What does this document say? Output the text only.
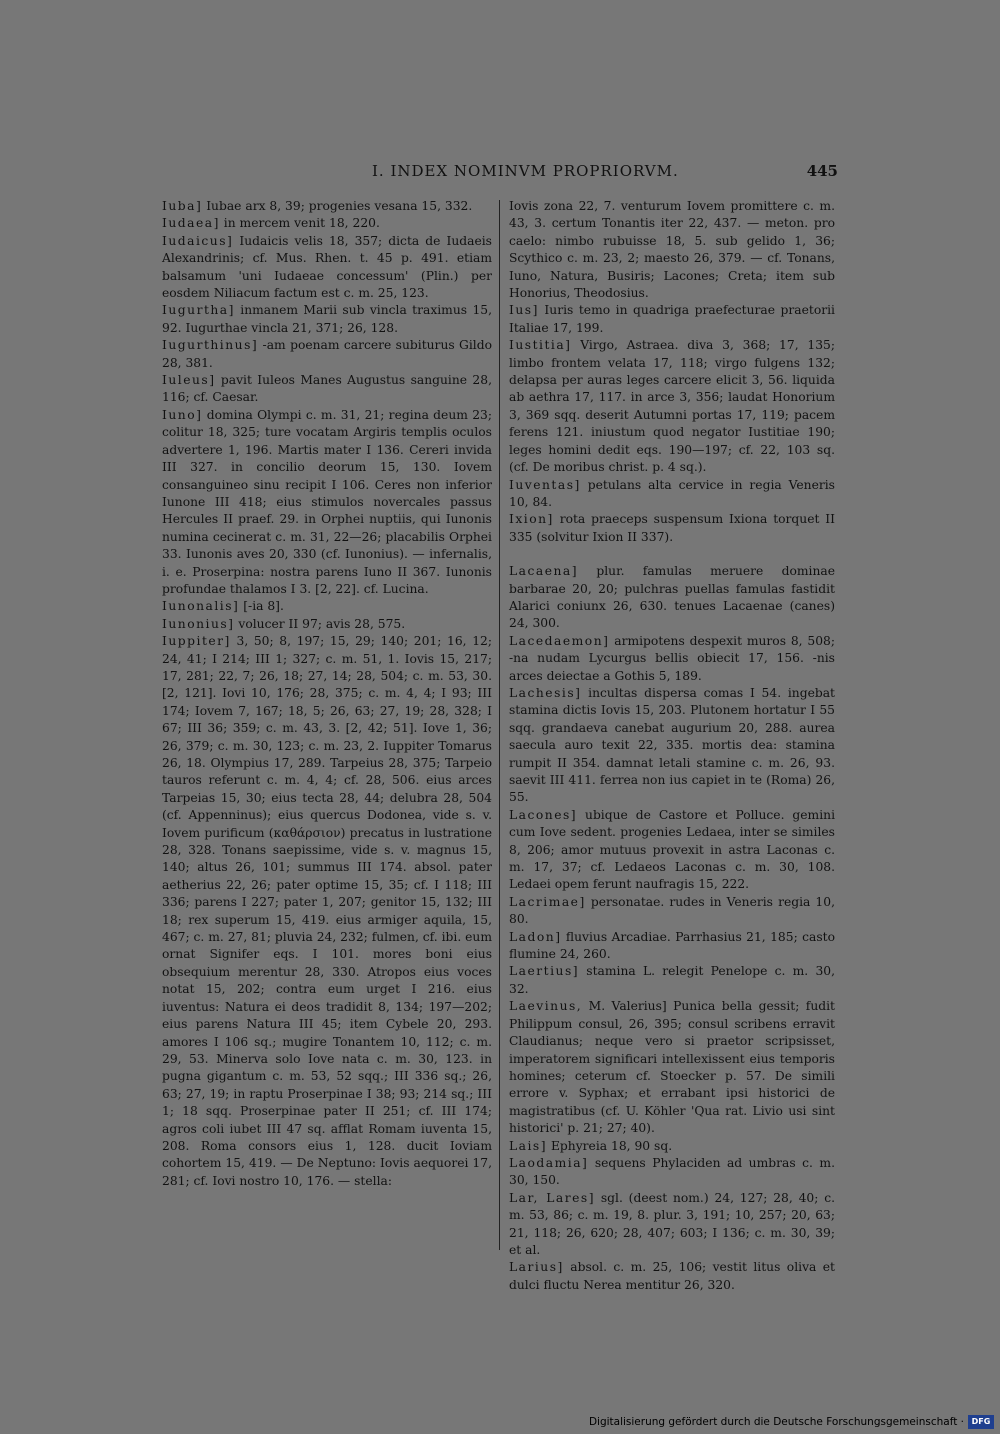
I. INDEX NOMINVM PROPRIORVM.	445

Iuba] Iubae arx 8, 39; progenies vesana 15, 332.

Iudaea] in mercem venit 18, 220.

Iudaicus] Iudaicis velis 18, 357; dicta de Iudaeis Alexandrinis; cf. Mus. Rhen. t. 45 p. 491. etiam balsamum 'uni Iudaeae concessum' (Plin.) per eosdem Niliacum factum est c. m. 25, 123.

Iugurtha] inmanem Marii sub vincla traximus 15, 92. Iugurthae vincla 21, 371; 26, 128.

Iugurthinus] -am poenam carcere subiturus Gildo 28, 381.

Iuleus] pavit Iuleos Manes Augustus sanguine 28, 116; cf. Caesar.

Iuno] domina Olympi c. m. 31, 21; regina deum 23; colitur 18, 325; ture vocatam Argiris templis oculos advertere 1, 196. Martis mater I 136. Cereri invida III 327. in concilio deorum 15, 130. Iovem consanguineo sinu recipit I 106. Ceres non inferior Iunone III 418; eius stimulos novercales passus Hercules II praef. 29. in Orphei nuptiis, qui Iunonis numina cecinerat c. m. 31, 22—26; placabilis Orphei 33. Iunonis aves 20, 330 (cf. Iunonius). — infernalis, i. e. Proserpina: nostra parens Iuno II 367. Iunonis profundae thalamos I 3. [2, 22]. cf. Lucina.

Iunonalis] [-ia 8].

Iunonius] volucer II 97; avis 28, 575.

Iuppiter] 3, 50; 8, 197; 15, 29; 140; 201; 16, 12; 24, 41; I 214; III 1; 327; c. m. 51, 1. Iovis 15, 217; 17, 281; 22, 7; 26, 18; 27, 14; 28, 504; c. m. 53, 30. [2, 121]. Iovi 10, 176; 28, 375; c. m. 4, 4; I 93; III 174; Iovem 7, 167; 18, 5; 26, 63; 27, 19; 28, 328; I 67; III 36; 359; c. m. 43, 3. [2, 42; 51]. Iove 1, 36; 26, 379; c. m. 30, 123; c. m. 23, 2. Iuppiter Tomarus 26, 18. Olympius 17, 289. Tarpeius 28, 375; Tarpeio tauros referunt c. m. 4, 4; cf. 28, 506. eius arces Tarpeias 15, 30; eius tecta 28, 44; delubra 28, 504 (cf. Appenninus); eius quercus Dodonea, vide s. v. Iovem purificum (καθάρσιον) precatus in lustratione 28, 328. Tonans saepissime, vide s. v. magnus 15, 140; altus 26, 101; summus III 174. absol. pater aetherius 22, 26; pater optime 15, 35; cf. I 118; III 336; parens I 227; pater 1, 207; genitor 15, 132; III 18; rex superum 15, 419. eius armiger aquila, 15, 467; c. m. 27, 81; pluvia 24, 232; fulmen, cf. ibi. eum ornat Signifer eqs. I 101. mores boni eius obsequium merentur 28, 330. Atropos eius voces notat 15, 202; contra eum urget I 216. eius iuventus: Natura ei deos tradidit 8, 134; 197—202; eius parens Natura III 45; item Cybele 20, 293. amores I 106 sq.; mugire Tonantem 10, 112; c. m. 29, 53. Minerva solo Iove nata c. m. 30, 123. in pugna gigantum c. m. 53, 52 sqq.; III 336 sq.; 26, 63; 27, 19; in raptu Proserpinae I 38; 93; 214 sq.; III 1; 18 sqq. Proserpinae pater II 251; cf. III 174; agros coli iubet III 47 sq. afflat Romam iuventa 15, 208. Roma consors eius 1, 128. ducit Ioviam cohortem 15, 419. — De Neptuno: Iovis aequorei 17, 281; cf. Iovi nostro 10, 176. — stella:

Iovis zona 22, 7. venturum Iovem promittere c. m. 43, 3. certum Tonantis iter 22, 437. — meton. pro caelo: nimbo rubuisse 18, 5. sub gelido 1, 36; Scythico c. m. 23, 2; maesto 26, 379. — cf. Tonans, Iuno, Natura, Busiris; Lacones; Creta; item sub Honorius, Theodosius.

Ius] Iuris temo in quadriga praefecturae praetorii Italiae 17, 199.

Iustitia] Virgo, Astraea. diva 3, 368; 17, 135; limbo frontem velata 17, 118; virgo fulgens 132; delapsa per auras leges carcere elicit 3, 56. liquida ab aethra 17, 117. in arce 3, 356; laudat Honorium 3, 369 sqq. deserit Autumni portas 17, 119; pacem ferens 121. iniustum quod negator Iustitiae 190; leges homini dedit eqs. 190—197; cf. 22, 103 sq. (cf. De moribus christ. p. 4 sq.).

Iuventas] petulans alta cervice in regia Veneris 10, 84.

Ixion] rota praeceps suspensum Ixiona torquet II 335 (solvitur Ixion II 337).

Lacaena] plur. famulas meruere dominae barbarae 20, 20; pulchras puellas famulas fastidit Alarici coniunx 26, 630. tenues Lacaenae (canes) 24, 300.

Lacedaemon] armipotens despexit muros 8, 508; -na nudam Lycurgus bellis obiecit 17, 156. -nis arces deiectae a Gothis 5, 189.

Lachesis] incultas dispersa comas I 54. ingebat stamina dictis Iovis 15, 203. Plutonem hortatur I 55 sqq. grandaeva canebat augurium 20, 288. aurea saecula auro texit 22, 335. mortis dea: stamina rumpit II 354. damnat letali stamine c. m. 26, 93. saevit III 411. ferrea non ius capiet in te (Roma) 26, 55.

Lacones] ubique de Castore et Polluce. gemini cum Iove sedent. progenies Ledaea, inter se similes 8, 206; amor mutuus provexit in astra Laconas c. m. 17, 37; cf. Ledaeos Laconas c. m. 30, 108. Ledaei opem ferunt naufragis 15, 222.

Lacrimae] personatae. rudes in Veneris regia 10, 80.

Ladon] fluvius Arcadiae. Parrhasius 21, 185; casto flumine 24, 260.

Laertius] stamina L. relegit Penelope c. m. 30, 32.

Laevinus, M. Valerius] Punica bella gessit; fudit Philippum consul, 26, 395; consul scribens erravit Claudianus; neque vero si praetor scripsisset, imperatorem significari intellexissent eius temporis homines; ceterum cf. Stoecker p. 57. De simili errore v. Syphax; et errabant ipsi historici de magistratibus (cf. U. Köhler 'Qua rat. Livio usi sint historici' p. 21; 27; 40).

Lais] Ephyreia 18, 90 sq.

Laodamia] sequens Phylaciden ad umbras c. m. 30, 150.

Lar, Lares] sgl. (deest nom.) 24, 127; 28, 40; c. m. 53, 86; c. m. 19, 8. plur. 3, 191; 10, 257; 20, 63; 21, 118; 26, 620; 28, 407; 603; I 136; c. m. 30, 39; et al.

Larius] absol. c. m. 25, 106; vestit litus oliva et dulci fluctu Nerea mentitur 26, 320.

Digitalisierung gefördert durch die Deutsche Forschungsgemeinschaft · DFG
